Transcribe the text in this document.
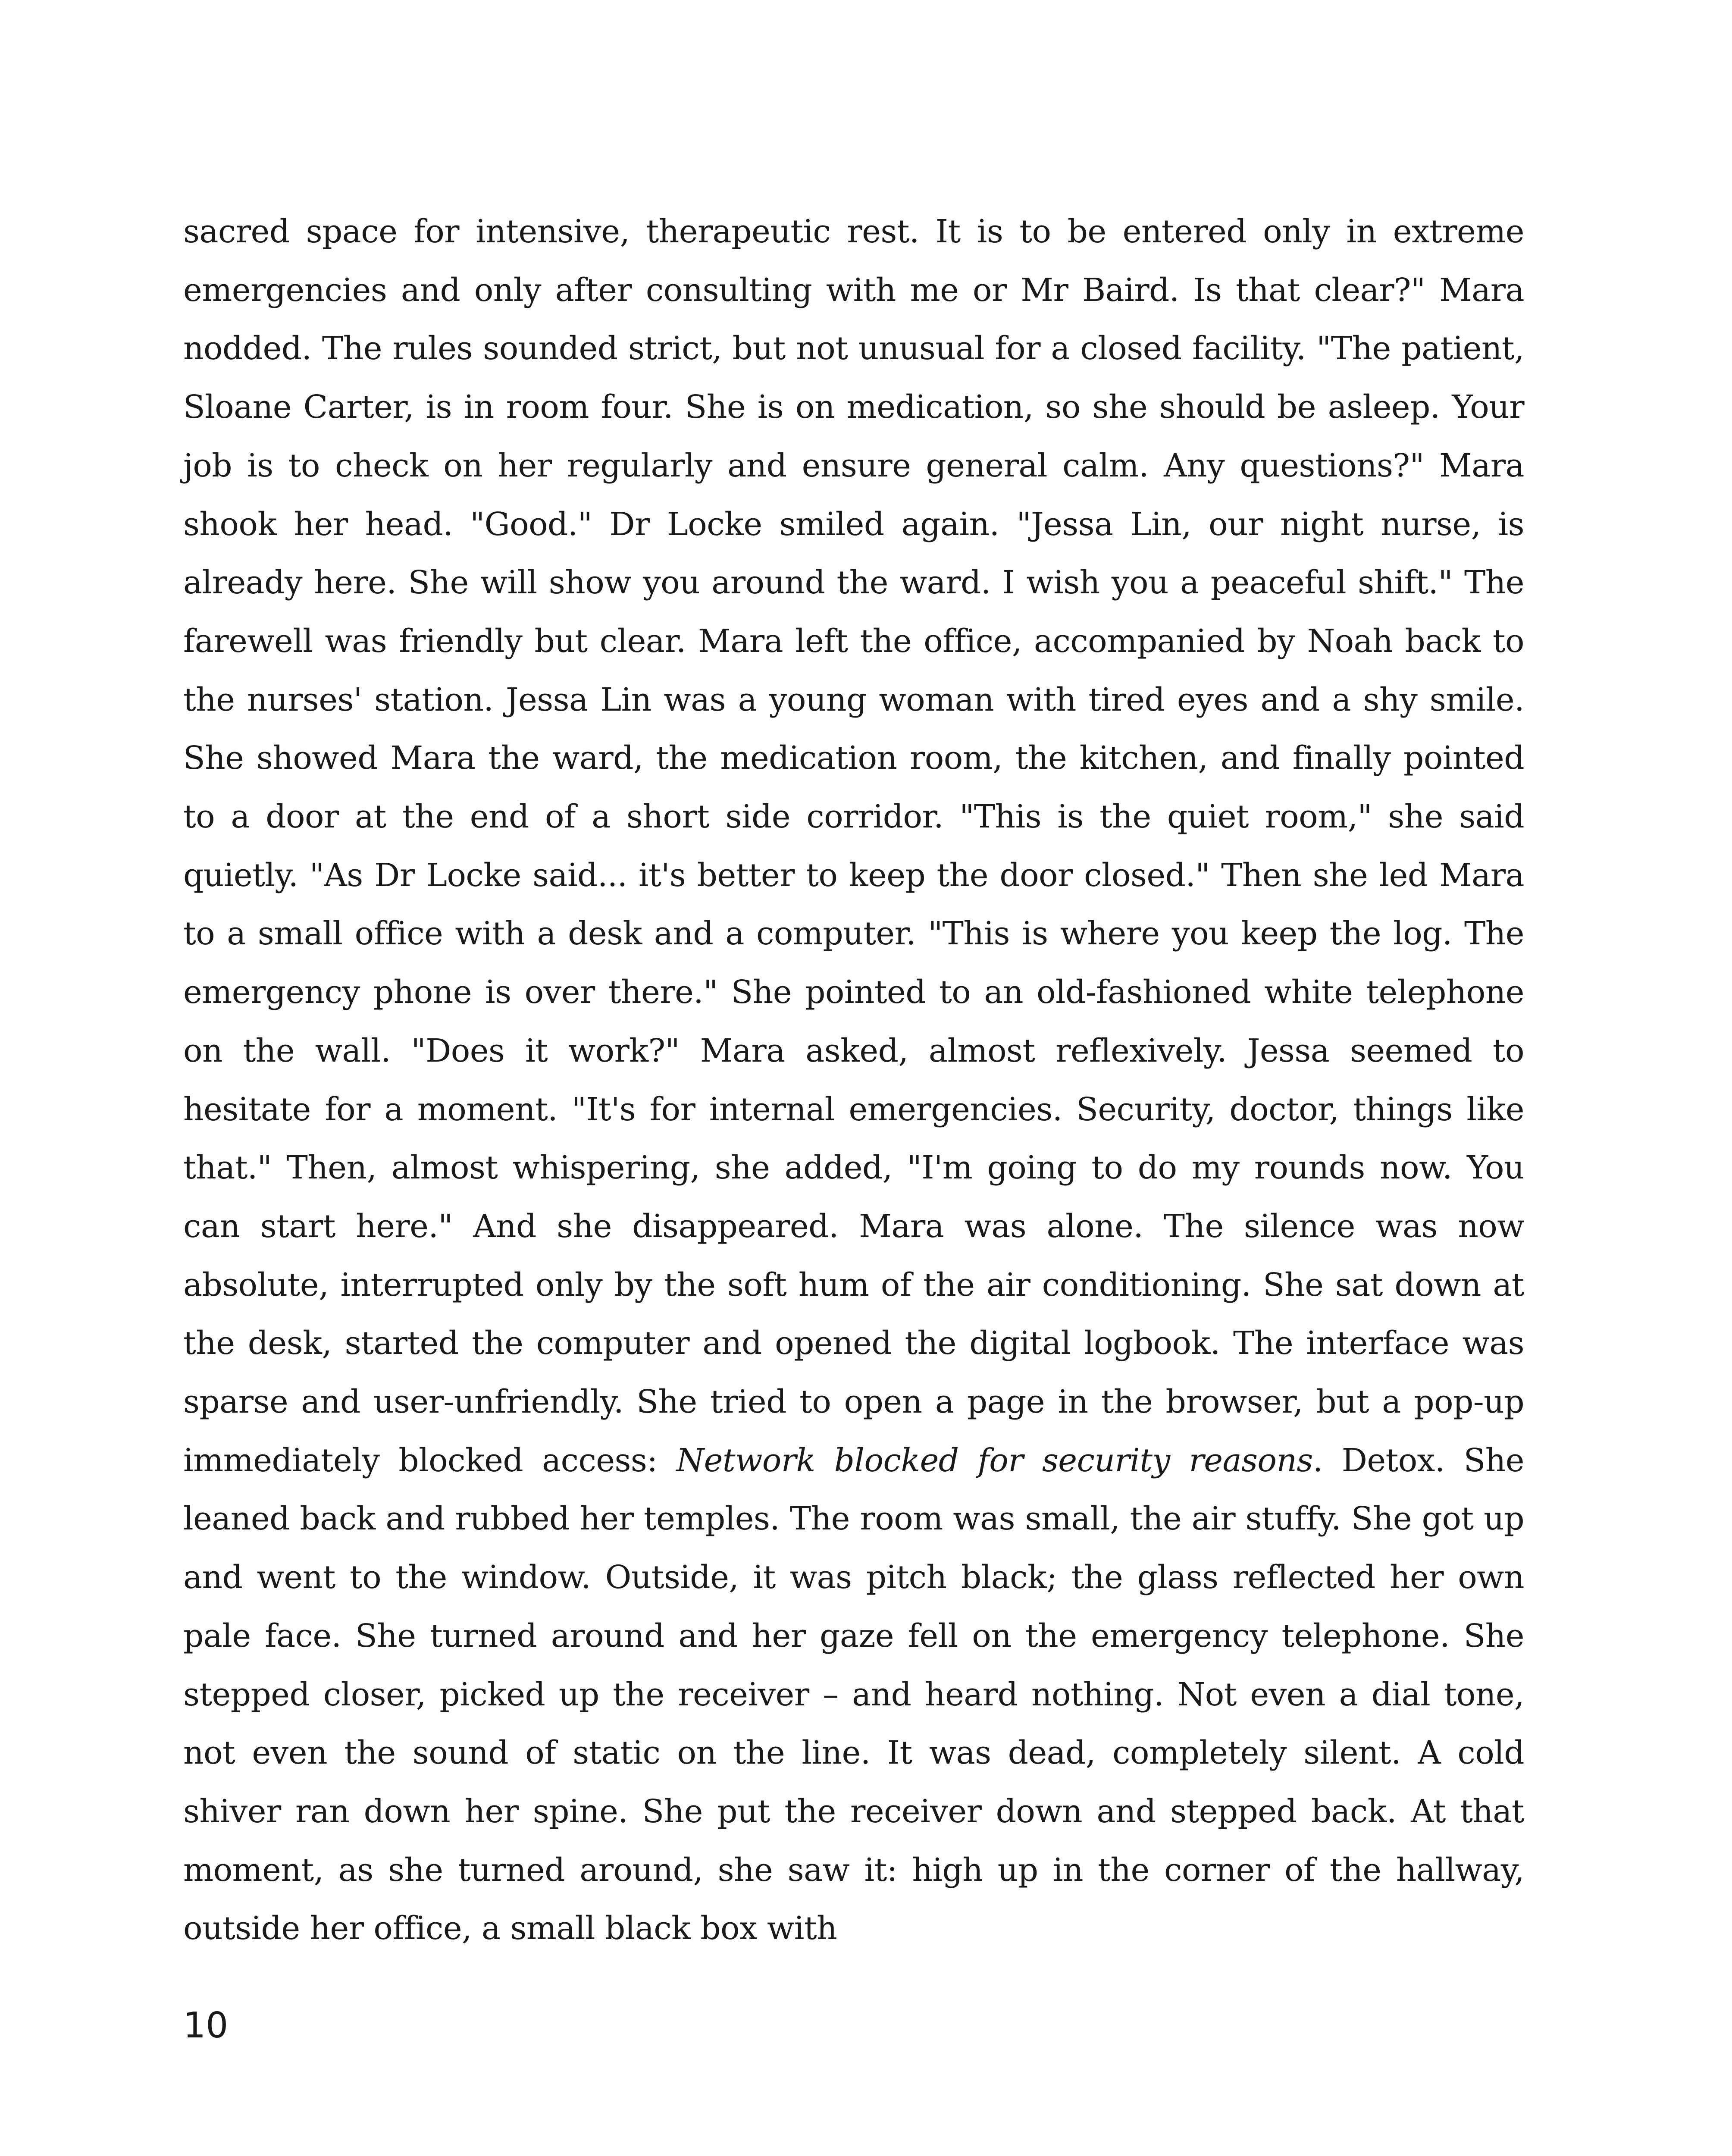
sacred space for intensive, therapeutic rest. It is to be entered only in extreme emergencies and only after consulting with me or Mr Baird. Is that clear?" Mara nodded. The rules sounded strict, but not unusual for a closed facility. "The patient, Sloane Carter, is in room four. She is on medication, so she should be asleep. Your job is to check on her regularly and ensure general calm. Any questions?" Mara shook her head. "Good." Dr Locke smiled again. "Jessa Lin, our night nurse, is already here. She will show you around the ward. I wish you a peaceful shift." The farewell was friendly but clear. Mara left the office, accompanied by Noah back to the nurses' station. Jessa Lin was a young woman with tired eyes and a shy smile. She showed Mara the ward, the medication room, the kitchen, and finally pointed to a door at the end of a short side corridor. "This is the quiet room," she said quietly. "As Dr Locke said... it's better to keep the door closed." Then she led Mara to a small office with a desk and a computer. "This is where you keep the log. The emergency phone is over there." She pointed to an old-fashioned white telephone on the wall. "Does it work?" Mara asked, almost reflexively. Jessa seemed to hesitate for a moment. "It's for internal emergencies. Security, doctor, things like that." Then, almost whispering, she added, "I'm going to do my rounds now. You can start here." And she disappeared. Mara was alone. The silence was now absolute, interrupted only by the soft hum of the air conditioning. She sat down at the desk, started the computer and opened the digital logbook. The interface was sparse and user-unfriendly. She tried to open a page in the browser, but a pop-up immediately blocked access: Network blocked for security reasons. Detox. She leaned back and rubbed her temples. The room was small, the air stuffy. She got up and went to the window. Outside, it was pitch black; the glass reflected her own pale face. She turned around and her gaze fell on the emergency telephone. She stepped closer, picked up the receiver – and heard nothing. Not even a dial tone, not even the sound of static on the line. It was dead, completely silent. A cold shiver ran down her spine. She put the receiver down and stepped back. At that moment, as she turned around, she saw it: high up in the corner of the hallway, outside her office, a small black box with

10
